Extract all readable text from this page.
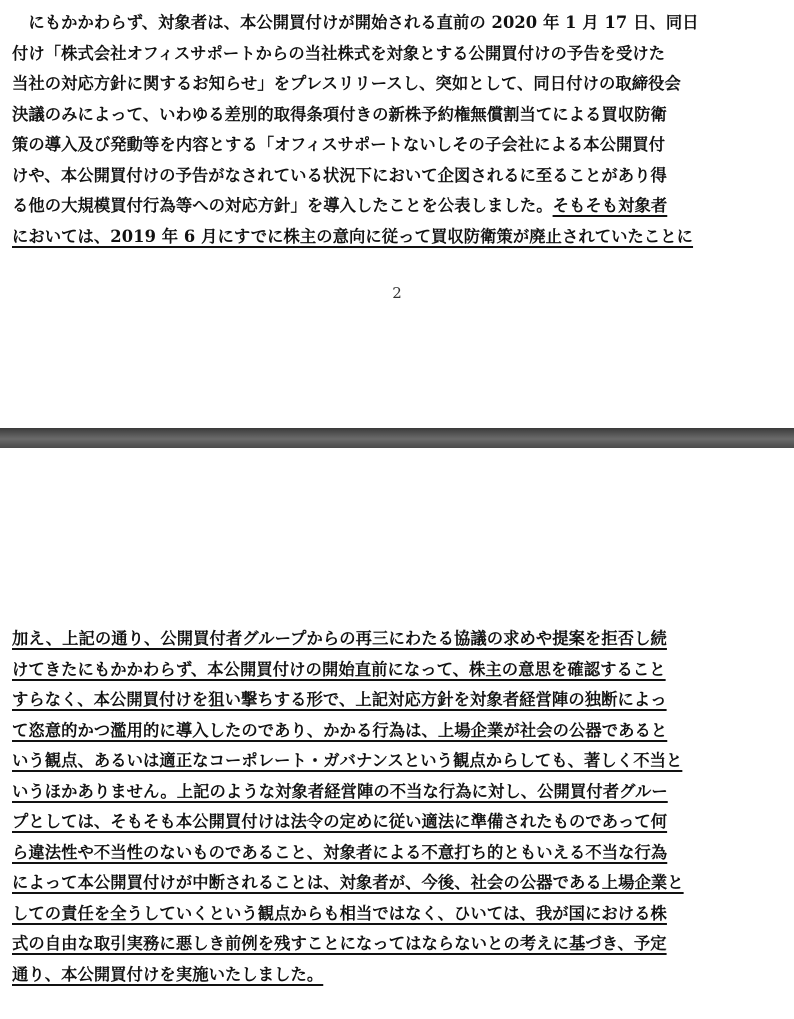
　にもかかわらず、対象者は、本公開買付けが開始される直前の 2020 年 1 月 17 日、同日
付け「株式会社オフィスサポートからの当社株式を対象とする公開買付けの予告を受けた
当社の対応方針に関するお知らせ」をプレスリリースし、突如として、同日付けの取締役会
決議のみによって、いわゆる差別的取得条項付きの新株予約権無償割当てによる買収防衛
策の導入及び発動等を内容とする「オフィスサポートないしその子会社による本公開買付
けや、本公開買付けの予告がなされている状況下において企図されるに至ることがあり得
る他の大規模買付行為等への対応方針」を導入したことを公表しました。そもそも対象者
においては、2019 年 6 月にすでに株主の意向に従って買収防衛策が廃止されていたことに
2
加え、上記の通り、公開買付者グループからの再三にわたる協議の求めや提案を拒否し続
けてきたにもかかわらず、本公開買付けの開始直前になって、株主の意思を確認すること
すらなく、本公開買付けを狙い撃ちする形で、上記対応方針を対象者経営陣の独断によっ
て恣意的かつ濫用的に導入したのであり、かかる行為は、上場企業が社会の公器であると
いう観点、あるいは適正なコーポレート・ガバナンスという観点からしても、著しく不当と
いうほかありません。上記のような対象者経営陣の不当な行為に対し、公開買付者グルー
プとしては、そもそも本公開買付けは法令の定めに従い適法に準備されたものであって何
ら違法性や不当性のないものであること、対象者による不意打ち的ともいえる不当な行為
によって本公開買付けが中断されることは、対象者が、今後、社会の公器である上場企業と
しての責任を全うしていくという観点からも相当ではなく、ひいては、我が国における株
式の自由な取引実務に悪しき前例を残すことになってはならないとの考えに基づき、予定
通り、本公開買付けを実施いたしました。
